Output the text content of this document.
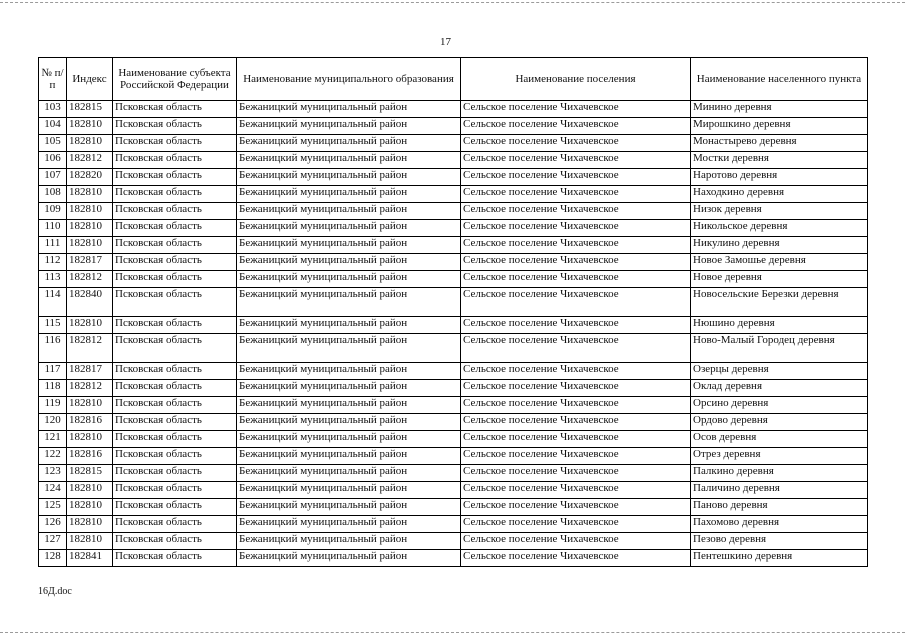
17
№ п/п	Индекс	Наименование субъекта Российской Федерации	Наименование муниципального образования	Наименование поселения	Наименование населенного пункта
103	182815	Псковская область	Бежаницкий муниципальный район	Сельское поселение Чихачевское	Минино деревня
104	182810	Псковская область	Бежаницкий муниципальный район	Сельское поселение Чихачевское	Мирошкино деревня
105	182810	Псковская область	Бежаницкий муниципальный район	Сельское поселение Чихачевское	Монастырево деревня
106	182812	Псковская область	Бежаницкий муниципальный район	Сельское поселение Чихачевское	Мостки деревня
107	182820	Псковская область	Бежаницкий муниципальный район	Сельское поселение Чихачевское	Наротово деревня
108	182810	Псковская область	Бежаницкий муниципальный район	Сельское поселение Чихачевское	Находкино деревня
109	182810	Псковская область	Бежаницкий муниципальный район	Сельское поселение Чихачевское	Низок деревня
110	182810	Псковская область	Бежаницкий муниципальный район	Сельское поселение Чихачевское	Никольское деревня
111	182810	Псковская область	Бежаницкий муниципальный район	Сельское поселение Чихачевское	Никулино деревня
112	182817	Псковская область	Бежаницкий муниципальный район	Сельское поселение Чихачевское	Новое Замошье деревня
113	182812	Псковская область	Бежаницкий муниципальный район	Сельское поселение Чихачевское	Новое деревня
114	182840	Псковская область	Бежаницкий муниципальный район	Сельское поселение Чихачевское	Новосельские Березки деревня
115	182810	Псковская область	Бежаницкий муниципальный район	Сельское поселение Чихачевское	Нюшино деревня
116	182812	Псковская область	Бежаницкий муниципальный район	Сельское поселение Чихачевское	Ново-Малый Городец деревня
117	182817	Псковская область	Бежаницкий муниципальный район	Сельское поселение Чихачевское	Озерцы деревня
118	182812	Псковская область	Бежаницкий муниципальный район	Сельское поселение Чихачевское	Оклад деревня
119	182810	Псковская область	Бежаницкий муниципальный район	Сельское поселение Чихачевское	Орсино деревня
120	182816	Псковская область	Бежаницкий муниципальный район	Сельское поселение Чихачевское	Ордово деревня
121	182810	Псковская область	Бежаницкий муниципальный район	Сельское поселение Чихачевское	Осов деревня
122	182816	Псковская область	Бежаницкий муниципальный район	Сельское поселение Чихачевское	Отрез деревня
123	182815	Псковская область	Бежаницкий муниципальный район	Сельское поселение Чихачевское	Палкино деревня
124	182810	Псковская область	Бежаницкий муниципальный район	Сельское поселение Чихачевское	Паличино деревня
125	182810	Псковская область	Бежаницкий муниципальный район	Сельское поселение Чихачевское	Паново деревня
126	182810	Псковская область	Бежаницкий муниципальный район	Сельское поселение Чихачевское	Пахомово деревня
127	182810	Псковская область	Бежаницкий муниципальный район	Сельское поселение Чихачевское	Пезово деревня
128	182841	Псковская область	Бежаницкий муниципальный район	Сельское поселение Чихачевское	Пентешкино деревня
16Д.doc
